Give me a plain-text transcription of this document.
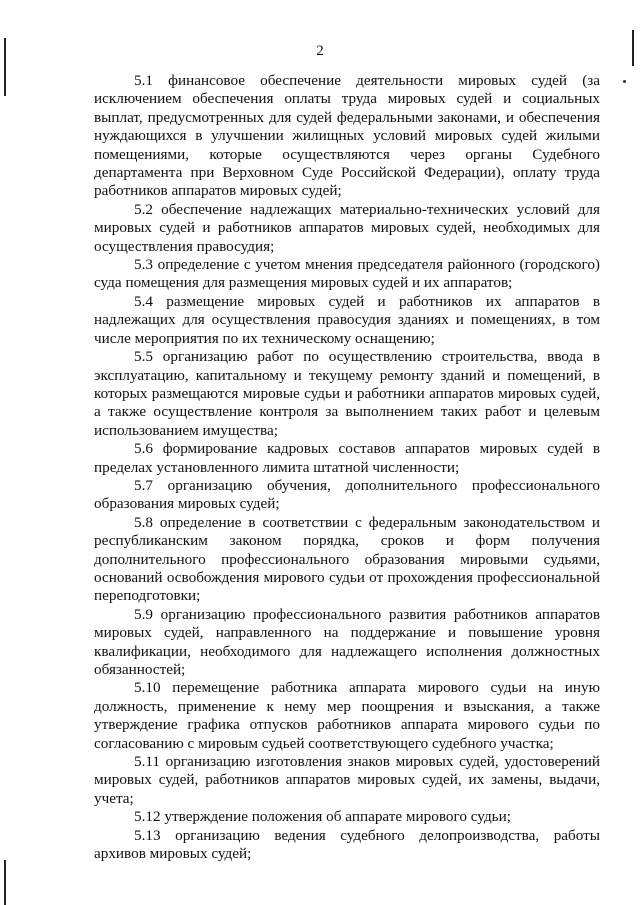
2

5.1 финансовое обеспечение деятельности мировых судей (за исключением обеспечения оплаты труда мировых судей и социальных выплат, предусмотренных для судей федеральными законами, и обеспечения нуждающихся в улучшении жилищных условий мировых судей жилыми помещениями, которые осуществляются через органы Судебного департамента при Верховном Суде Российской Федерации), оплату труда работников аппаратов мировых судей;

5.2 обеспечение надлежащих материально-технических условий для мировых судей и работников аппаратов мировых судей, необходимых для осуществления правосудия;

5.3 определение с учетом мнения председателя районного (городского) суда помещения для размещения мировых судей и их аппаратов;

5.4 размещение мировых судей и работников их аппаратов в надлежащих для осуществления правосудия зданиях и помещениях, в том числе мероприятия по их техническому оснащению;

5.5 организацию работ по осуществлению строительства, ввода в эксплуатацию, капитальному и текущему ремонту зданий и помещений, в которых размещаются мировые судьи и работники аппаратов мировых судей, а также осуществление контроля за выполнением таких работ и целевым использованием имущества;

5.6 формирование кадровых составов аппаратов мировых судей в пределах установленного лимита штатной численности;

5.7 организацию обучения, дополнительного профессионального образования мировых судей;

5.8 определение в соответствии с федеральным законодательством и республиканским законом порядка, сроков и форм получения дополнительного профессионального образования мировыми судьями, оснований освобождения мирового судьи от прохождения профессиональной переподготовки;

5.9 организацию профессионального развития работников аппаратов мировых судей, направленного на поддержание и повышение уровня квалификации, необходимого для надлежащего исполнения должностных обязанностей;

5.10 перемещение работника аппарата мирового судьи на иную должность, применение к нему мер поощрения и взыскания, а также утверждение графика отпусков работников аппарата мирового судьи по согласованию с мировым судьей соответствующего судебного участка;

5.11 организацию изготовления знаков мировых судей, удостоверений мировых судей, работников аппаратов мировых судей, их замены, выдачи, учета;

5.12 утверждение положения об аппарате мирового судьи;

5.13 организацию ведения судебного делопроизводства, работы архивов мировых судей;
